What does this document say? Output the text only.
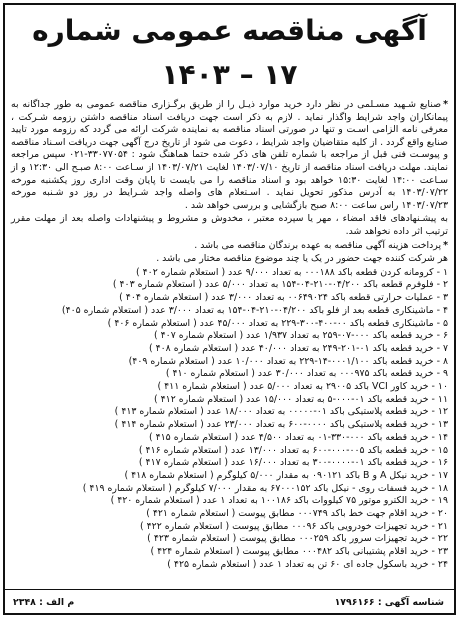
آگهی مناقصه عمومی شماره ۱۷ – ۱۴۰۳

*صنایع شـهید مسـلمی در نظر دارد خرید موارد ذیـل را از طریق برگـزاری مناقصه عمومی به طور جداگانه به پیمانکاران واجد شرایط واگذار نماید . لازم به ذکر است جهت دریافت اسناد مناقصه داشتن رزومه شـرکت ، معرفی نامه الزامی اسـت و تنها در صورتی اسناد مناقصه به نماینده شرکت ارائه می گردد که رزومه مورد تایید صنایع واقع گردد . از کلیه متقاضیان واجد شرایط ، دعوت می شود از تاریخ درج آگهی جهت دریافت اسـناد مناقصه و پیوسـت فنی قبل از مراجعه با شماره تلفن های ذکر شده حتما هماهنگ شود : ۳۳۰۷۷۰۵۴-۰۲۱ سپس مراجعه نمایند. مهلت دریافت اسناد مناقصه از تاریخ ۱۴۰۳/۰۷/۱۰ لغایت ۱۴۰۳/۰۷/۲۱ از سـاعت ۸:۰۰ صبـح الی ۱۲:۳۰ و از سـاعت ۱۴:۰۰ لغایت ۱۵:۳۰ خواهد بود و اسناد مناقصه را می بایست تا پایان وقت اداری روز یکشنبه مورخه ۱۴۰۳/۰۷/۲۲ به آدرس مذکور تحویل نماید . اسـتعلام های واصله واجد شـرایط در روز دو شـنبه مورخه ۱۴۰۳/۰۷/۲۳ راس ساعت ۸:۰۰ صبح بازگشایی و بررسی خواهد شد .

به پیشـنهادهای فاقد امضاء ، مهر یا سپرده معتبر ، مخدوش و مشروط و پیشنهادات واصله بعد از مهلت مقرر ترتیب اثر داده نخواهد شد.

*پرداخت هزینه آگهی مناقصه به عهده برندگان مناقصه می باشد .

هر شرکت کننده جهت حضور در یک یا چند موضوع مناقصه مختار می باشد .

۱ - کرومانه کردن قطعه باکد ۰۰۰۱۸۸ به تعداد ۹/۰۰۰ عدد ( استعلام شماره ۴۰۲ )
۲ - فلوفرم قطعه باکد ۰۴/۲۰۰-۲۱۰-۰۴-۱۵۴ به تعداد ۵/۰۰۰ عدد ( استعلام شماره ۴۰۳ )
۳ - عملیات حرارتی قطعه باکد ۰۰۶۴۹۰۲۴ به تعداد ۳/۰۰۰ عدد ( استعلام شماره ۴۰۴ )
۴ - ماشینکاری قطعه بعد از فلو باکد ۰۴/۲۰۰-۲۱۰-۰۴-۱۵۴ به تعداد ۳/۰۰۰ عدد ( استعلام شماره ۴۰۵)
۵ - ماشینکاری قطعه باکد ۰۰-۴۰۰-۳۰۰-۲۲۹ به تعداد ۴۵/۰۰۰ عدد ( استعلام شماره ۴۰۶ )
۶ - خرید قطعه باکد ۰۰۰-۰۷-۲۵۹ به تعداد ۱/۹۳۷ عدد ( استعلام شماره ۴۰۷ )
۷ - خرید قطعه باکد ۰۱-۲۰۱-۲۴۹ به تعداد ۴۰/۰۰۰ عدد ( استعلام شماره ۴۰۸ )
۸ - خرید قطعه باکد ۰۰۰۱/۱۰۰-۱۴-۲۲۹ به تعداد ۱۰/۰۰۰ عدد ( استعلام شماره ۴۰۹)
۹ - خرید قطعه باکد ۰۰۰۹۷۵ به تعداد ۳۰/۰۰۰ عدد ( استعلام شماره ۴۱۰ )
۱۰ - خرید کاور VCI باکد ۲۹۰۰۵ به تعداد ۵/۰۰۰ عدد ( استعلام شماره ۴۱۱ )
۱۱ - خرید قطعه باکد ۰۱-۰۰۰-۵ به تعداد ۱۵/۰۰۰ عدد ( استعلام شماره ۴۱۲ )
۱۲ - خرید قطعه پلاستیکی باکد ۰۱-۰۰۰۰۰ به تعداد ۱۸/۰۰۰ عدد ( استعلام شماره ۴۱۳ )
۱۳ - خرید قطعه پلاستیکی باکد ۰۰۰۰-۶۰۰ به تعداد ۲۳/۰۰۰ عدد ( استعلام شماره ۴۱۴ )
۱۴ - خرید قطعه باکد ۰۰۰-۳۳۰-۰۱ به تعداد ۴/۵۰۰ عدد ( استعلام شماره ۴۱۵ )
۱۵ - خرید قطعه باکد ۰۰۵-۰۰۰-۶۰۰ به تعداد ۱۳/۰۰۰ عدد ( استعلام شماره ۴۱۶ )
۱۶ - خرید قطعه باکد ۰۱-۰۰۰۰-۳۰۰ به تعداد ۱۶/۰۰۰ عدد ( استعلام شماره ۴۱۷ )
۱۷ - خرید نیکل A و B باکد ۰۹۰۱۲۱ به مقدار ۵/۰۰۰ کیلوگرم ( استعلام شماره ۴۱۸ )
۱۸ - خرید فسفات روی - نیکل باکد ۶۷۰۰۰۱۵۲ به مقدار ۷/۰۰۰ کیلوگرم ( استعلام شماره ۴۱۹ )
۱۹ - خرید الکترو موتور ۷۵ کیلووات باکد ۱۰۰۱۸۶ به تعداد ۱ عدد ( استعلام شماره ۴۲۰ )
۲۰ - خرید اقلام جهت خط باکد ۰۰۰۷۴۹ مطابق پیوست ( استعلام شماره ۴۲۱ )
۲۱ - خرید تجهیزات خودرویی باکد ۰۰۰۹۶ مطابق پیوست ( استعلام شماره ۴۲۲ )
۲۲ - خرید تجهیزات سرور باکد ۰۰۰۲۵۹ مطابق پیوست ( استعلام شماره ۴۲۳ )
۲۳ - خرید اقلام پشتیبانی باکد ۰۰۰۴۸۲ مطابق پیوست ( استعلام شماره ۴۲۴ )
۲۴ - خرید باسکول جاده ای ۶۰ تن به تعداد ۱ عدد ( استعلام شماره ۴۲۵ )
شناسه آگهی : ۱۷۹۶۱۶۶
م الف : ۲۳۴۸
